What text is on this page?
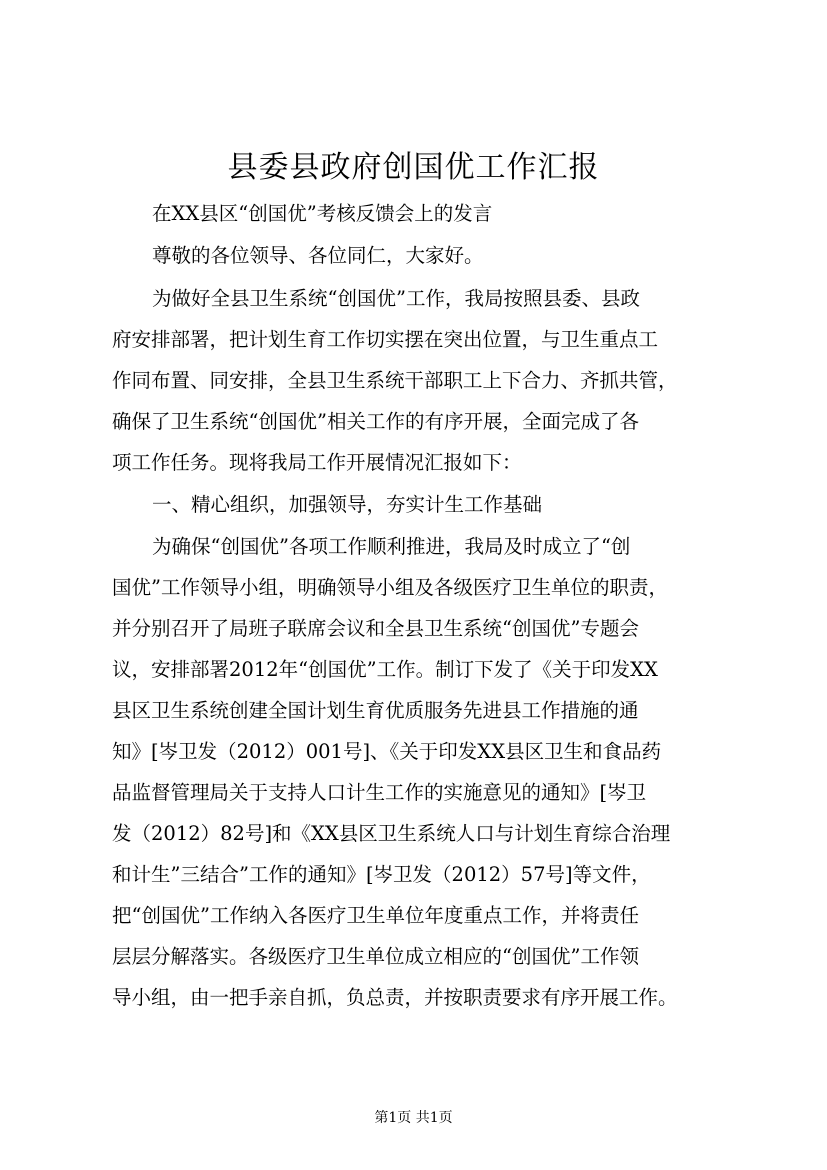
县委县政府创国优工作汇报

在XX县区“创国优”考核反馈会上的发言

尊敬的各位领导、各位同仁，大家好。

为做好全县卫生系统“创国优”工作，我局按照县委、县政

府安排部署，把计划生育工作切实摆在突出位置，与卫生重点工

作同布置、同安排，全县卫生系统干部职工上下合力、齐抓共管，

确保了卫生系统“创国优”相关工作的有序开展，全面完成了各

项工作任务。现将我局工作开展情况汇报如下：

一、精心组织，加强领导，夯实计生工作基础

为确保“创国优”各项工作顺利推进，我局及时成立了“创

国优”工作领导小组，明确领导小组及各级医疗卫生单位的职责，

并分别召开了局班子联席会议和全县卫生系统“创国优”专题会

议，安排部署2012年“创国优”工作。制订下发了《关于印发XX

县区卫生系统创建全国计划生育优质服务先进县工作措施的通

知》[岑卫发（2012）001号]、《关于印发XX县区卫生和食品药

品监督管理局关于支持人口计生工作的实施意见的通知》[岑卫

发（2012）82号]和《XX县区卫生系统人口与计划生育综合治理

和计生”三结合”工作的通知》[岑卫发（2012）57号]等文件，

把“创国优”工作纳入各医疗卫生单位年度重点工作，并将责任

层层分解落实。各级医疗卫生单位成立相应的“创国优”工作领

导小组，由一把手亲自抓，负总责，并按职责要求有序开展工作。

第1页 共1页
